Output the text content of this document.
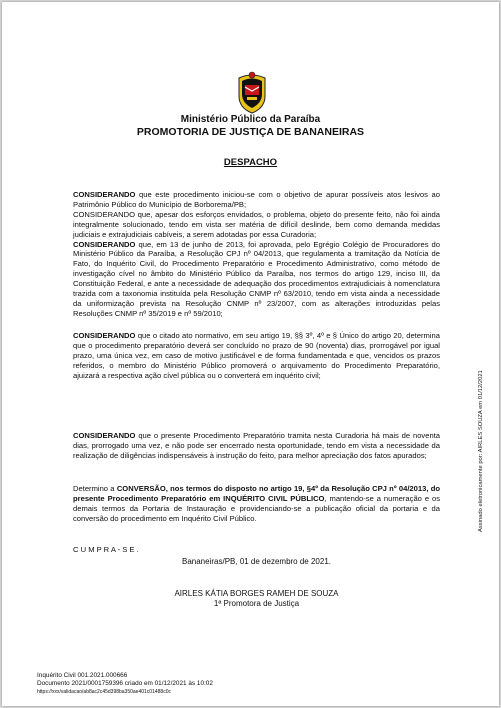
Ministério Público da Paraíba
PROMOTORIA DE JUSTIÇA DE BANANEIRAS
DESPACHO
CONSIDERANDO que este procedimento iniciou-se com o objetivo de apurar possíveis atos lesivos ao Patrimônio Público do Município de Borborema/PB;
CONSIDERANDO que, apesar dos esforços envidados, o problema, objeto do presente feito, não foi ainda integralmente solucionado, tendo em vista ser matéria de difícil deslinde, bem como demanda medidas judiciais e extrajudiciais cabíveis, a serem adotadas por essa Curadoria;
CONSIDERANDO que, em 13 de junho de 2013, foi aprovada, pelo Egrégio Colégio de Procuradores do Ministério Público da Paraíba, a Resolução CPJ nº 04/2013, que regulamenta a tramitação da Notícia de Fato, do Inquérito Civil, do Procedimento Preparatório e Procedimento Administrativo, como método de investigação cível no âmbito do Ministério Público da Paraíba, nos termos do artigo 129, inciso III, da Constituição Federal, e ante a necessidade de adequação dos procedimentos extrajudiciais à nomenclatura trazida com a taxonomia instituída pela Resolução CNMP nº 63/2010, tendo em vista ainda a necessidade da uniformização prevista na Resolução CNMP nº 23/2007, com as alterações introduzidas pelas Resoluções CNMP nº 35/2019 e nº 59/2010;
CONSIDERANDO que o citado ato normativo, em seu artigo 19, §§ 3º, 4º e § Único do artigo 20, determina que o procedimento preparatório deverá ser concluído no prazo de 90 (noventa) dias, prorrogável por igual prazo, uma única vez, em caso de motivo justificável e de forma fundamentada e que, vencidos os prazos referidos, o membro do Ministério Público promoverá o arquivamento do Procedimento Preparatório, ajuizará a respectiva ação cível pública ou o converterá em inquérito civil;
CONSIDERANDO que o presente Procedimento Preparatório tramita nesta Curadoria há mais de noventa dias, prorrogado uma vez, e não pode ser encerrado nesta oportunidade, tendo em vista a necessidade da realização de diligências indispensáveis à instrução do feito, para melhor apreciação dos fatos apurados;
Determino a CONVERSÃO, nos termos do disposto no artigo 19, §4º da Resolução CPJ nº 04/2013, do presente Procedimento Preparatório em INQUÉRITO CIVIL PÚBLICO, mantendo-se a numeração e os demais termos da Portaria de Instauração e providenciando-se a publicação oficial da portaria e da conversão do procedimento em Inquérito Civil Público.
C U M P R A - S E .
Bananeiras/PB, 01 de dezembro de 2021.
AIRLES KÁTIA BORGES RAMEH DE SOUZA
1ª Promotora de Justiça
Inquérito Civil 001.2021.000666
Documento 2021/0001759396 criado em 01/12/2021 às 10:02
https://xxx/validacao/ab8ac2c45d398ba350ae401c01488c0c
Assinado eletronicamente por: AIRLES SOUZA em 01/12/2021
